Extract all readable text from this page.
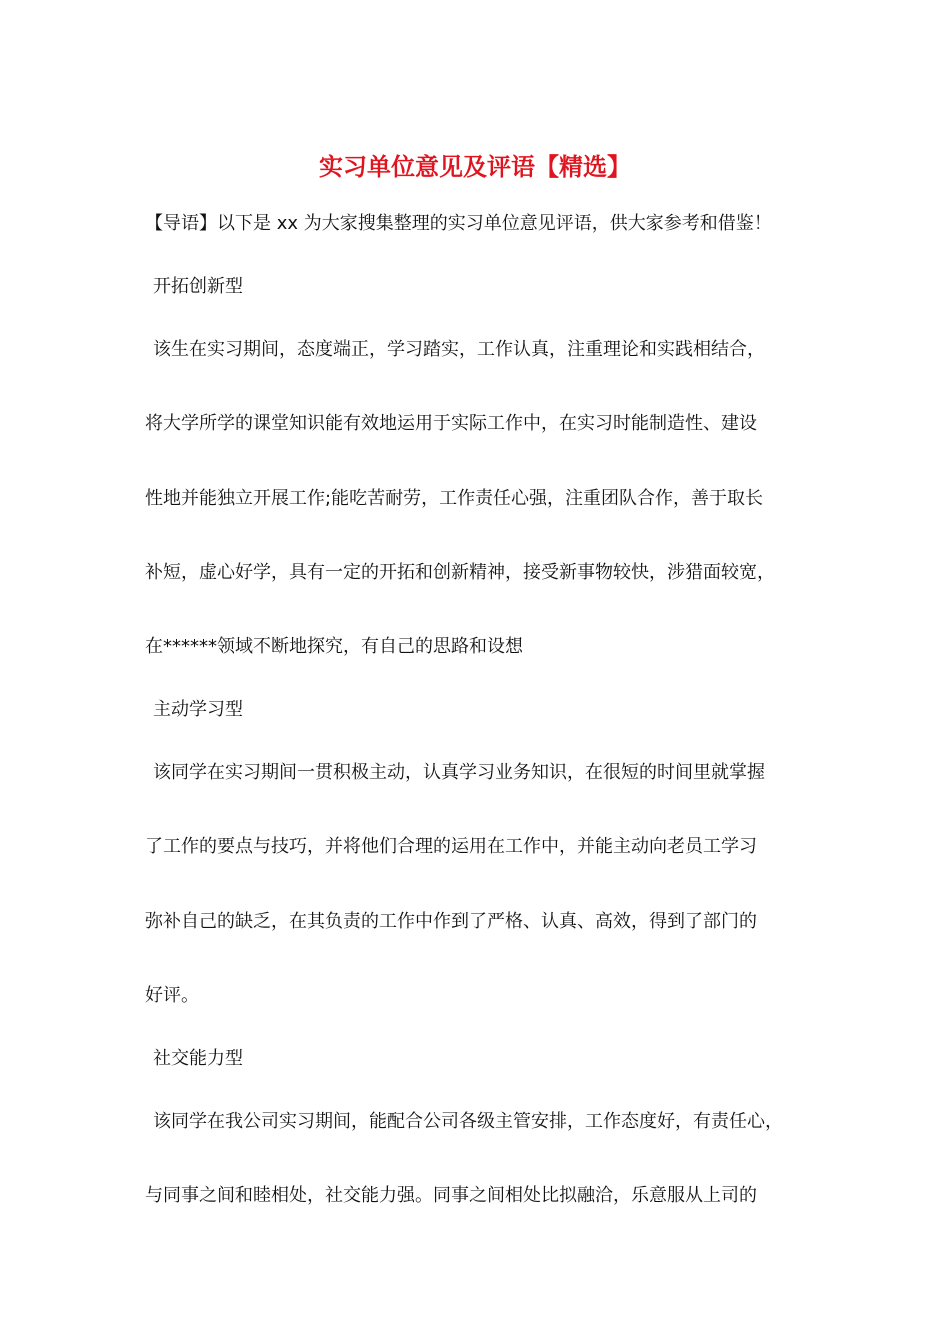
实习单位意见及评语【精选】

【导语】以下是 xx 为大家搜集整理的实习单位意见评语，供大家参考和借鉴！

开拓创新型

该生在实习期间，态度端正，学习踏实，工作认真，注重理论和实践相结合，

将大学所学的课堂知识能有效地运用于实际工作中，在实习时能制造性、建设

性地并能独立开展工作;能吃苦耐劳，工作责任心强，注重团队合作，善于取长

补短，虚心好学，具有一定的开拓和创新精神，接受新事物较快，涉猎面较宽，

在******领域不断地探究，有自己的思路和设想

主动学习型

该同学在实习期间一贯积极主动，认真学习业务知识，在很短的时间里就掌握

了工作的要点与技巧，并将他们合理的运用在工作中，并能主动向老员工学习

弥补自己的缺乏，在其负责的工作中作到了严格、认真、高效，得到了部门的

好评。

社交能力型

该同学在我公司实习期间，能配合公司各级主管安排，工作态度好，有责任心，

与同事之间和睦相处，社交能力强。同事之间相处比拟融洽，乐意服从上司的
